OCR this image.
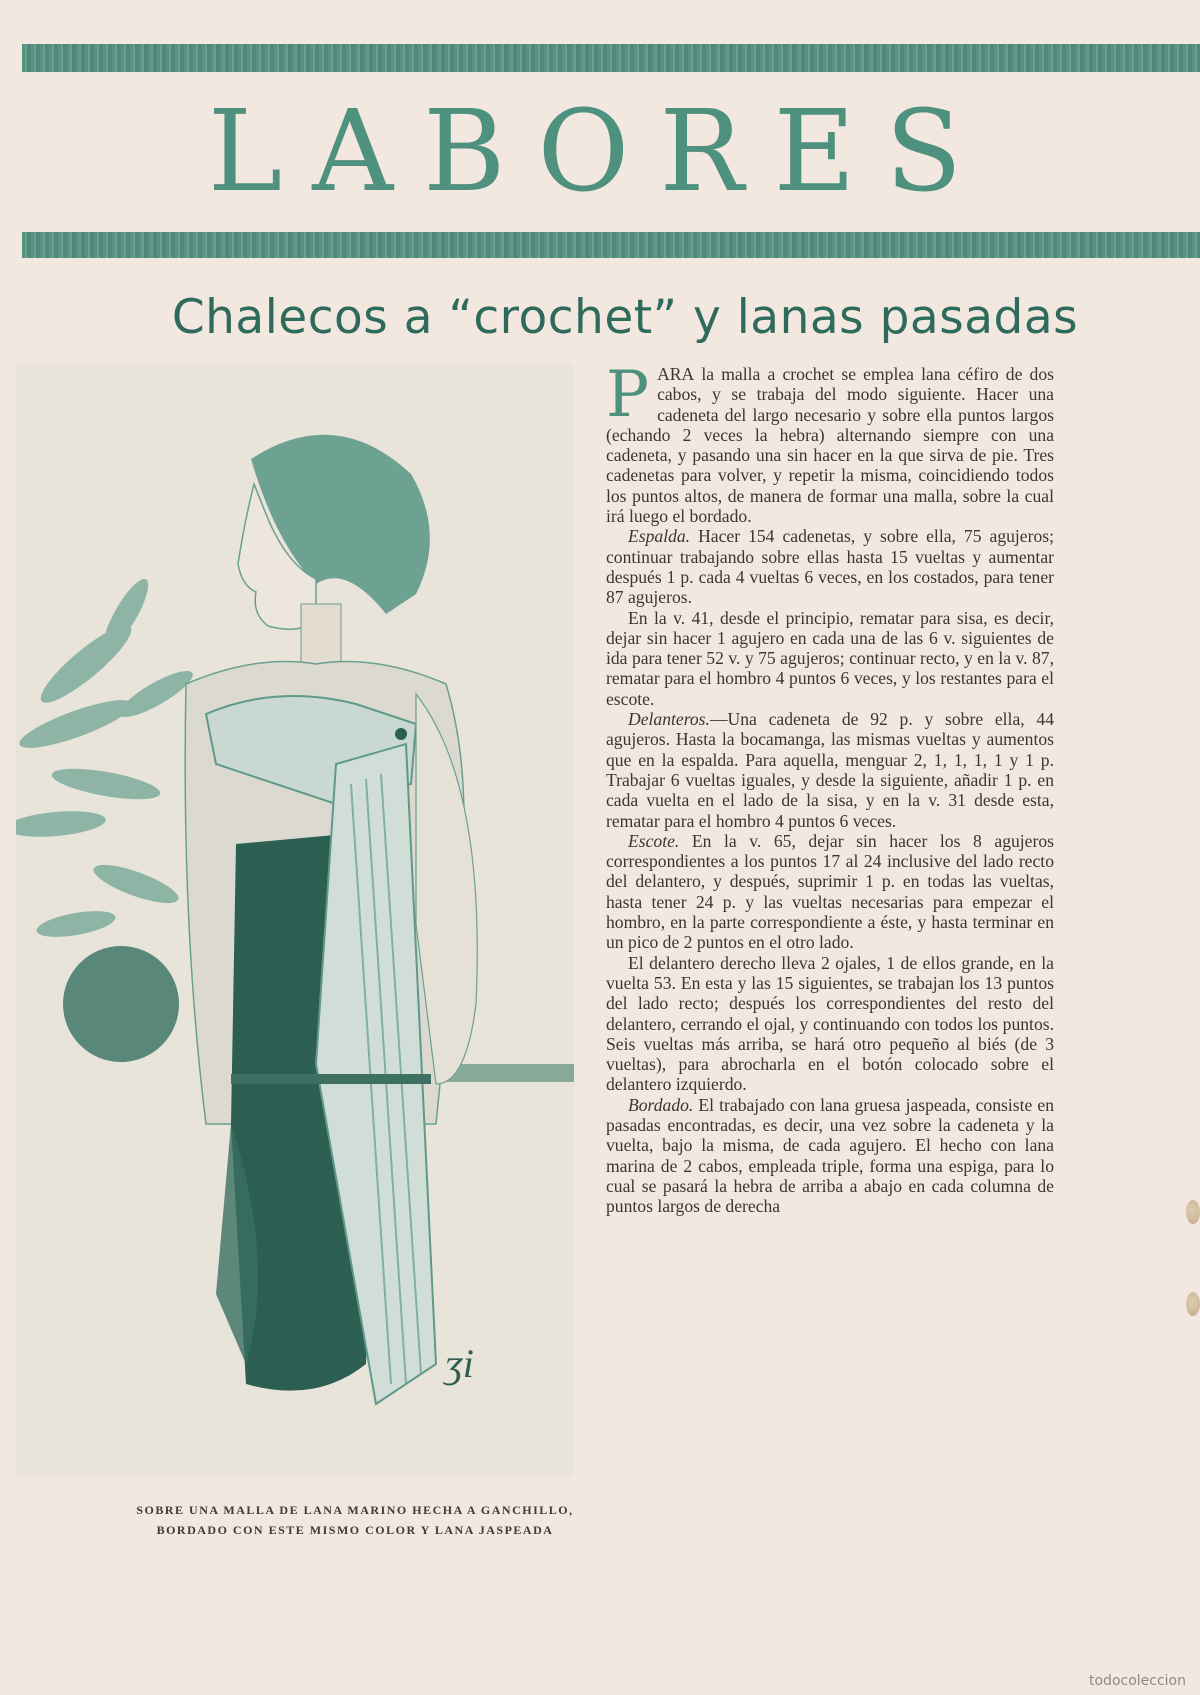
LABORES
Chalecos a “crochet” y lanas pasadas
ʒi
SOBRE UNA MALLA DE LANA MARINO HECHA A GANCHILLO, BORDADO CON ESTE MISMO COLOR Y LANA JASPEADA

PARA la malla a crochet se emplea lana céfiro de dos cabos, y se trabaja del modo siguiente. Hacer una cadeneta del largo necesario y sobre ella puntos largos (echando 2 veces la hebra) alternando siempre con una cadeneta, y pasando una sin hacer en la que sirva de pie. Tres cadenetas para volver, y repetir la misma, coincidiendo todos los puntos altos, de manera de formar una malla, sobre la cual irá luego el bordado.

Espalda. Hacer 154 cadenetas, y sobre ella, 75 agujeros; continuar trabajando sobre ellas hasta 15 vueltas y aumentar después 1 p. cada 4 vueltas 6 veces, en los costados, para tener 87 agujeros.

En la v. 41, desde el principio, rematar para sisa, es decir, dejar sin hacer 1 agujero en cada una de las 6 v. siguientes de ida para tener 52 v. y 75 agujeros; continuar recto, y en la v. 87, rematar para el hombro 4 puntos 6 veces, y los restantes para el escote.

Delanteros.—Una cadeneta de 92 p. y sobre ella, 44 agujeros. Hasta la bocamanga, las mismas vueltas y aumentos que en la espalda. Para aquella, menguar 2, 1, 1, 1, 1 y 1 p. Trabajar 6 vueltas iguales, y desde la siguiente, añadir 1 p. en cada vuelta en el lado de la sisa, y en la v. 31 desde esta, rematar para el hombro 4 puntos 6 veces.

Escote. En la v. 65, dejar sin hacer los 8 agujeros correspondientes a los puntos 17 al 24 inclusive del lado recto del delantero, y después, suprimir 1 p. en todas las vueltas, hasta tener 24 p. y las vueltas necesarias para empezar el hombro, en la parte correspondiente a éste, y hasta terminar en un pico de 2 puntos en el otro lado.

El delantero derecho lleva 2 ojales, 1 de ellos grande, en la vuelta 53. En esta y las 15 siguientes, se trabajan los 13 puntos del lado recto; después los correspondientes del resto del delantero, cerrando el ojal, y continuando con todos los puntos. Seis vueltas más arriba, se hará otro pequeño al biés (de 3 vueltas), para abrocharla en el botón colocado sobre el delantero izquierdo.

Bordado. El trabajado con lana gruesa jaspeada, consiste en pasadas encontradas, es decir, una vez sobre la cadeneta y la vuelta, bajo la misma, de cada agujero. El hecho con lana marina de 2 cabos, empleada triple, forma una espiga, para lo cual se pasará la hebra de arriba a abajo en cada columna de puntos largos de derecha

todocoleccion
